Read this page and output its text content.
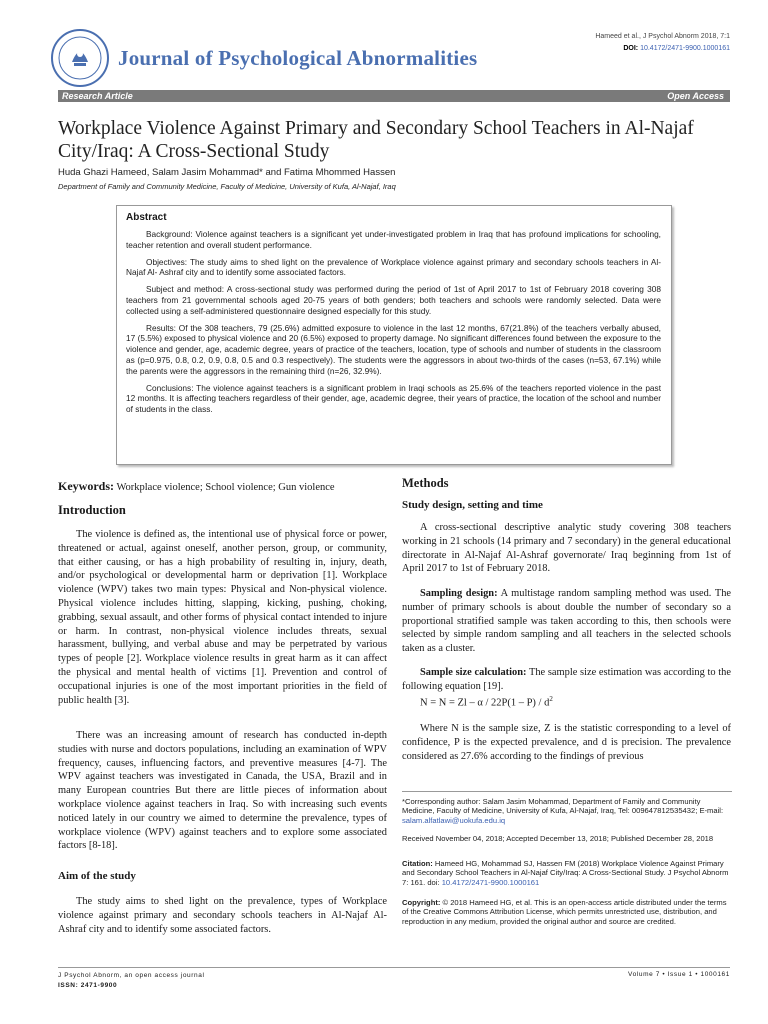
Journal of Psychological Abnormalities
Hameed et al., J Psychol Abnorm 2018, 7:1
DOI: 10.4172/2471-9900.1000161
Research Article	Open Access
Workplace Violence Against Primary and Secondary School Teachers in Al-Najaf City/Iraq: A Cross-Sectional Study
Huda Ghazi Hameed, Salam Jasim Mohammad* and Fatima Mhommed Hassen
Department of Family and Community Medicine, Faculty of Medicine, University of Kufa, Al-Najaf, Iraq
Abstract

Background: Violence against teachers is a significant yet under-investigated problem in Iraq that has profound implications for schooling, teacher retention and overall student performance.

Objectives: The study aims to shed light on the prevalence of Workplace violence against primary and secondary schools teachers in Al-Najaf Al- Ashraf city and to identify some associated factors.

Subject and method: A cross-sectional study was performed during the period of 1st of April 2017 to 1st of February 2018 covering 308 teachers from 21 governmental schools aged 20-75 years of both genders; both teachers and schools were randomly selected. Data were collected using a self-administered questionnaire designed especially for this study.

Results: Of the 308 teachers, 79 (25.6%) admitted exposure to violence in the last 12 months, 67(21.8%) of the teachers verbally abused, 17 (5.5%) exposed to physical violence and 20 (6.5%) exposed to property damage. No significant differences found between the exposure to the violence and gender, age, academic degree, years of practice of the teachers, location, type of schools and number of students in the classroom as (p=0.975, 0.8, 0.2, 0.9, 0.8, 0.5 and 0.3 respectively). The students were the aggressors in about two-thirds of the cases (n=53, 67.1%) while the parents were the aggressors in the remaining third (n=26, 32.9%).

Conclusions: The violence against teachers is a significant problem in Iraqi schools as 25.6% of the teachers reported violence in the past 12 months. It is affecting teachers regardless of their gender, age, academic degree, their years of practice, the location of the school and number of students in the class.

Keywords: Workplace violence; School violence; Gun violence
Introduction

The violence is defined as, the intentional use of physical force or power, threatened or actual, against oneself, another person, group, or community, that either causing, or has a high probability of resulting in, injury, death, and/or psychological or developmental harm or deprivation [1]. Workplace violence (WPV) takes two main types: Physical and Non-physical violence. Physical violence includes hitting, slapping, kicking, pushing, choking, grabbing, sexual assault, and other forms of physical contact intended to injure or harm. In contrast, non-physical violence includes threats, sexual harassment, bullying, and verbal abuse and may be perpetrated by various types of people [2]. Workplace violence results in great harm as it can affect the physical and mental health of victims [1]. Prevention and control of occupational injuries is one of the most important priorities in the field of public health [3].

There was an increasing amount of research has conducted in-depth studies with nurse and doctors populations, including an examination of WPV frequency, causes, influencing factors, and preventive measures [4-7]. The WPV against teachers was investigated in Canada, the USA, Brazil and in many European countries But there are little pieces of information about workplace violence against teachers in Iraq. So with increasing such events noticed lately in our country we aimed to determine the prevalence, types of workplace violence (WPV) against teachers and to explore some associated factors [8-18].

Aim of the study

The study aims to shed light on the prevalence, types of Workplace violence against primary and secondary schools teachers in Al-Najaf Al- Ashraf city and to identify some associated factors.

Methods
Study design, setting and time

A cross-sectional descriptive analytic study covering 308 teachers working in 21 schools (14 primary and 7 secondary) in the general educational directorate in Al-Najaf Al-Ashraf governorate/ Iraq beginning from 1st of April 2017 to 1st of February 2018.

Sampling design: A multistage random sampling method was used. The number of primary schools is about double the number of secondary so a proportional stratified sample was taken according to this, then schools were selected by simple random sampling and all teachers in the selected schools taken as a cluster.

Sample size calculation: The sample size estimation was according to the following equation [19].

$N = N = Zl - \alpha / 22P(1 - P) / d^2$

Where N is the sample size, Z is the statistic corresponding to a level of confidence, P is the expected prevalence, and d is precision. The prevalence considered as 27.6% according to the findings of previous

*Corresponding author: Salam Jasim Mohammad, Department of Family and Community Medicine, Faculty of Medicine, University of Kufa, Al-Najaf, Iraq, Tel: 009647812535432; E-mail: salam.alfatlawi@uokufa.edu.iq
Received November 04, 2018; Accepted December 13, 2018; Published December 28, 2018
Citation: Hameed HG, Mohammad SJ, Hassen FM (2018) Workplace Violence Against Primary and Secondary School Teachers in Al-Najaf City/Iraq: A Cross-Sectional Study. J Psychol Abnorm 7: 161. doi: 10.4172/2471-9900.1000161
Copyright: © 2018 Hameed HG, et al. This is an open-access article distributed under the terms of the Creative Commons Attribution License, which permits unrestricted use, distribution, and reproduction in any medium, provided the original author and source are credited.
J Psychol Abnorm, an open access journal
ISSN: 2471-9900
Volume 7 • Issue 1 • 1000161
